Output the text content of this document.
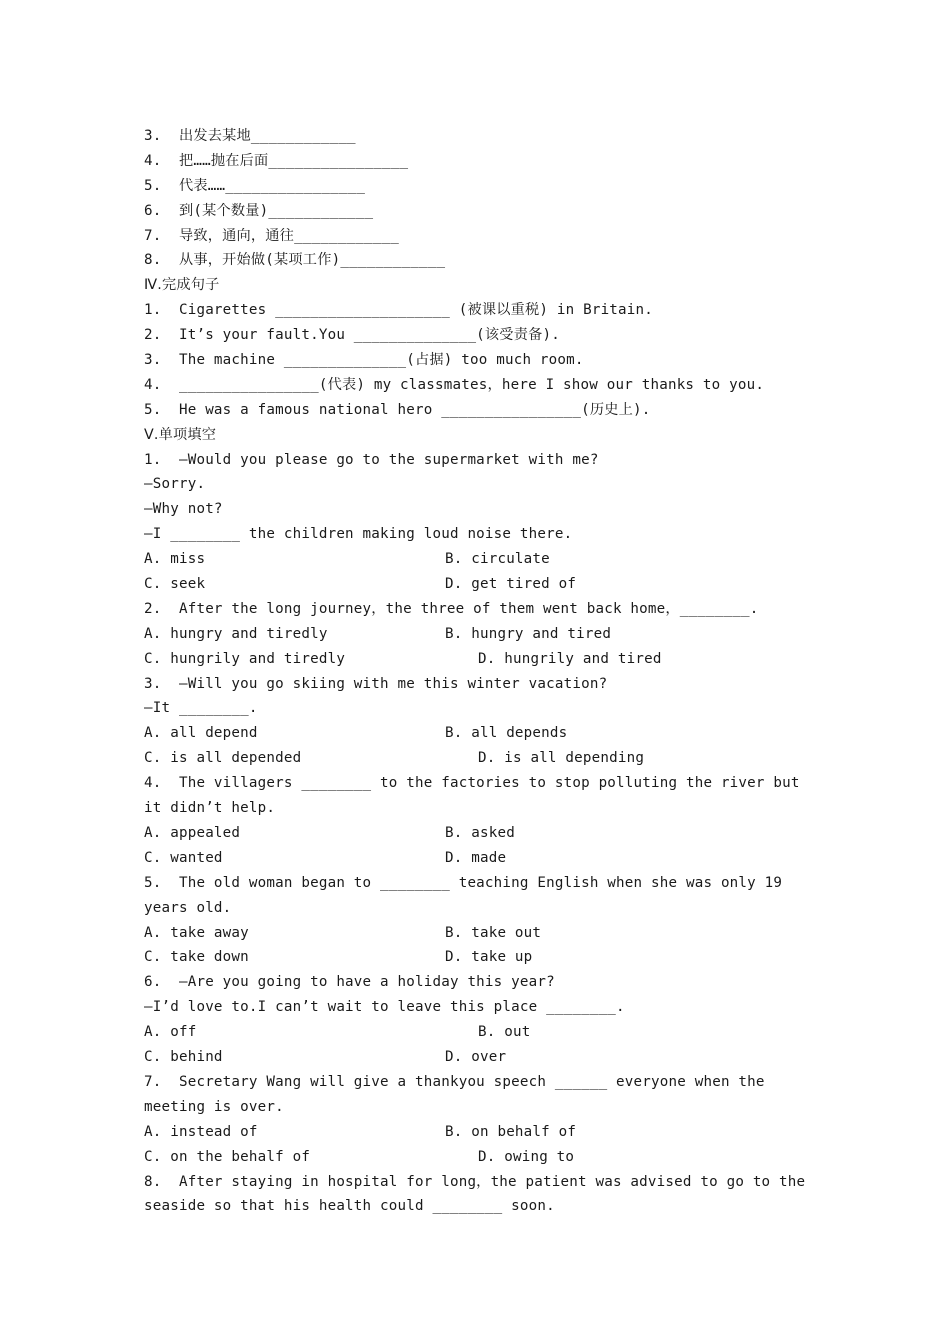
3.  出发去某地____________
4.  把……抛在后面________________
5.  代表……________________
6.  到(某个数量)____________
7.  导致，通向，通往____________
8.  从事，开始做(某项工作)____________
Ⅳ.完成句子
1.  Cigarettes ____________________ (被课以重税) in Britain.
2.  It’s your fault.You ______________(该受责备).
3.  The machine ______________(占据) too much room.
4.  ________________(代表) my classmates，here I show our thanks to you.
5.  He was a famous national hero ________________(历史上).
Ⅴ.单项填空
1.  —Would you please go to the supermarket with me?
—Sorry.
—Why not?
—I ________ the children making loud noise there.
A. miss	B. circulate
C. seek	D. get tired of
2.  After the long journey，the three of them went back home，________.
A. hungry and tiredly	B. hungry and tired
C. hungrily and tiredly	D. hungrily and tired
3.  —Will you go skiing with me this winter vacation?
—It ________.
A. all depend	B. all depends
C. is all depended	D. is all depending
4.  The villagers ________ to the factories to stop polluting the river but it didn’t help.
A. appealed	B. asked
C. wanted	D. made
5.  The old woman began to ________ teaching English when she was only 19 years old.
A. take away	B. take out
C. take down	D. take up
6.  —Are you going to have a holiday this year?
—I’d love to.I can’t wait to leave this place ________.
A. off	B. out
C. behind	D. over
7.  Secretary Wang will give a thankyou speech ______ everyone when the meeting is over.
A. instead of	B. on behalf of
C. on the behalf of	D. owing to
8.  After staying in hospital for long，the patient was advised to go to the seaside so that his health could ________ soon.
